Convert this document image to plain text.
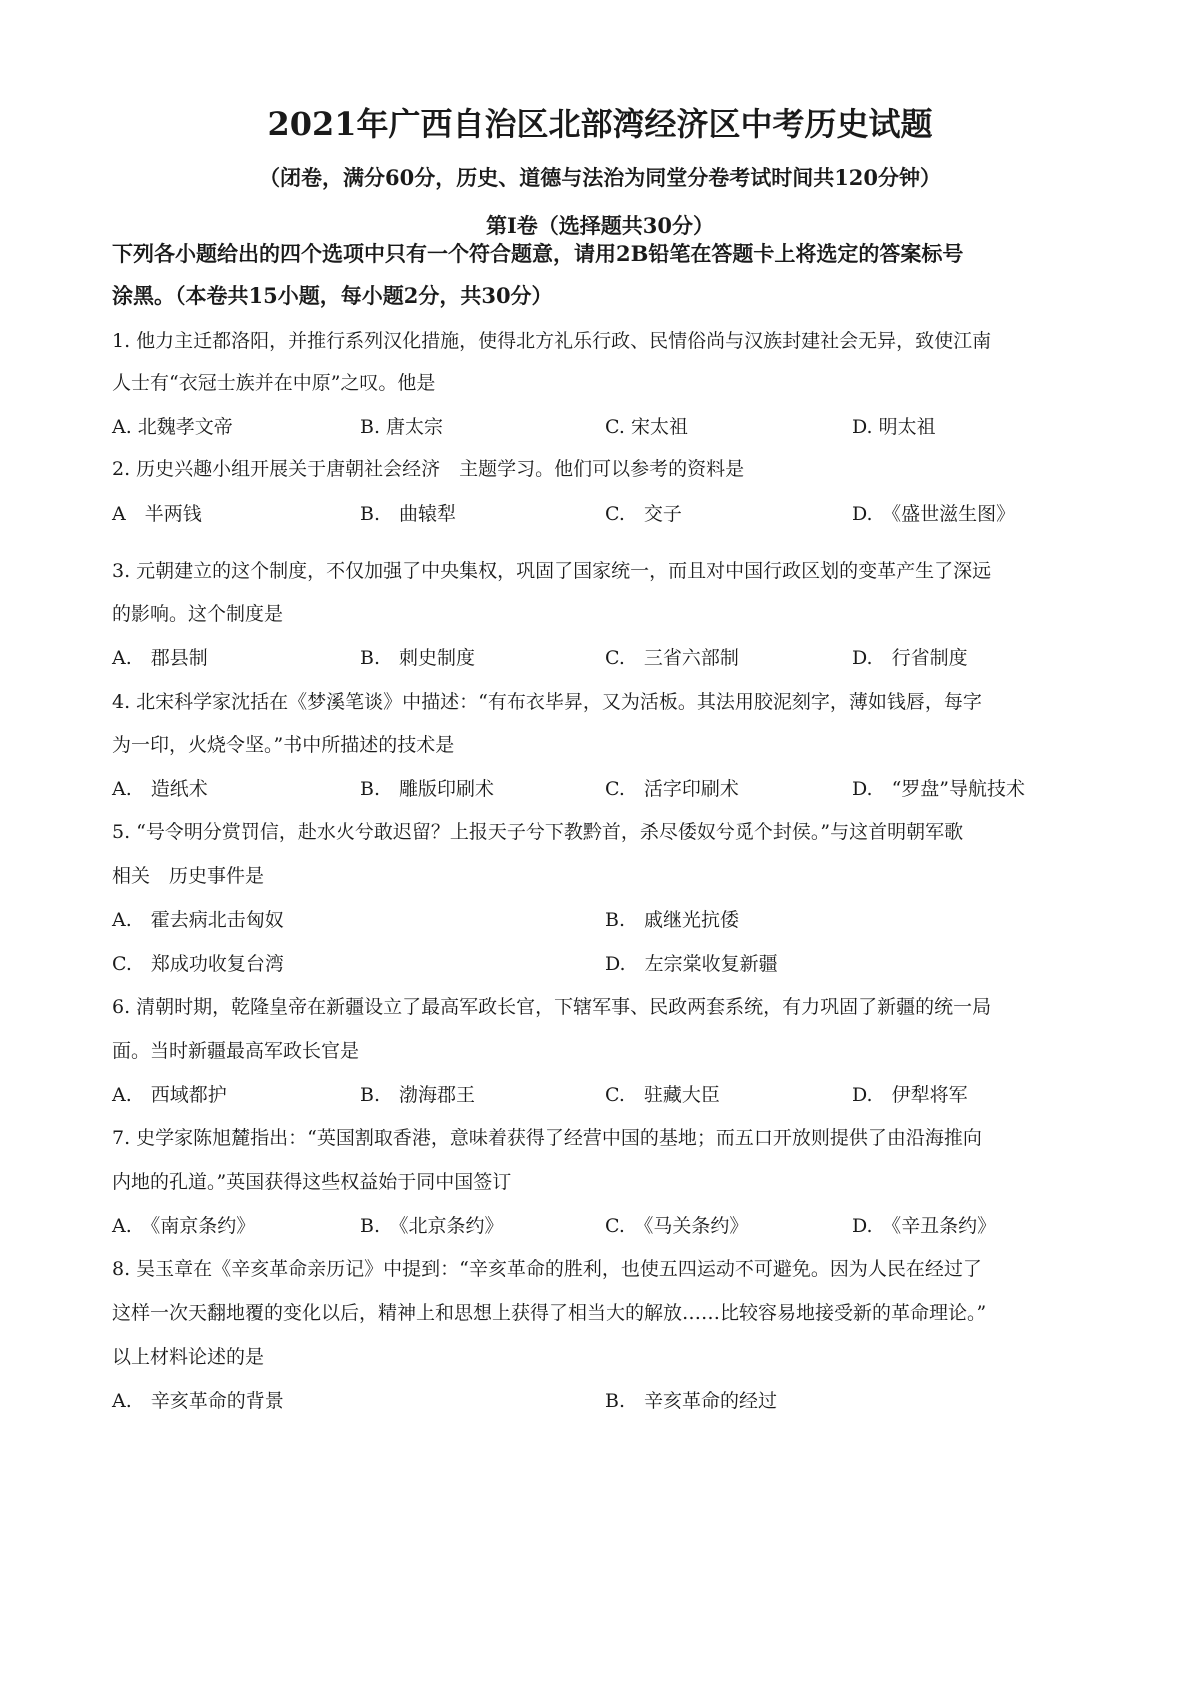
2021年广西自治区北部湾经济区中考历史试题
（闭卷，满分60分，历史、道德与法治为同堂分卷考试时间共120分钟）
第Ⅰ卷（选择题共30分）
下列各小题给出的四个选项中只有一个符合题意，请用2B铅笔在答题卡上将选定的答案标号
涂黑。（本卷共15小题，每小题2分，共30分）
1. 他力主迁都洛阳，并推行系列汉化措施，使得北方礼乐行政、民情俗尚与汉族封建社会无异，致使江南
人士有“衣冠士族并在中原”之叹。他是
A. 北魏孝文帝	B. 唐太宗	C. 宋太祖	D. 明太祖
2. 历史兴趣小组开展关于唐朝社会经济　主题学习。他们可以参考的资料是
A　半两钱	B.　曲辕犁	C.　交子	D.　《盛世滋生图》
3. 元朝建立的这个制度，不仅加强了中央集权，巩固了国家统一，而且对中国行政区划的变革产生了深远
的影响。这个制度是
A.　郡县制	B.　刺史制度	C.　三省六部制	D.　行省制度
4. 北宋科学家沈括在《梦溪笔谈》中描述：“有布衣毕昇，又为活板。其法用胶泥刻字，薄如钱唇，每字
为一印，火烧令坚。”书中所描述的技术是
A.　造纸术	B.　雕版印刷术	C.　活字印刷术	D.　“罗盘”导航技术
5. “号令明分赏罚信，赴水火兮敢迟留？上报天子兮下教黔首，杀尽倭奴兮觅个封侯。”与这首明朝军歌
相关　历史事件是
A.　霍去病北击匈奴	B.　戚继光抗倭
C.　郑成功收复台湾	D.　左宗棠收复新疆
6. 清朝时期，乾隆皇帝在新疆设立了最高军政长官，下辖军事、民政两套系统，有力巩固了新疆的统一局
面。当时新疆最高军政长官是
A.　西域都护	B.　渤海郡王	C.　驻藏大臣	D.　伊犁将军
7. 史学家陈旭麓指出：“英国割取香港，意味着获得了经营中国的基地；而五口开放则提供了由沿海推向
内地的孔道。”英国获得这些权益始于同中国签订
A.　《南京条约》	B.　《北京条约》	C.　《马关条约》	D.　《辛丑条约》
8. 吴玉章在《辛亥革命亲历记》中提到：“辛亥革命的胜利，也使五四运动不可避免。因为人民在经过了
这样一次天翻地覆的变化以后，精神上和思想上获得了相当大的解放……比较容易地接受新的革命理论。”
以上材料论述的是
A.　辛亥革命的背景	B.　辛亥革命的经过
